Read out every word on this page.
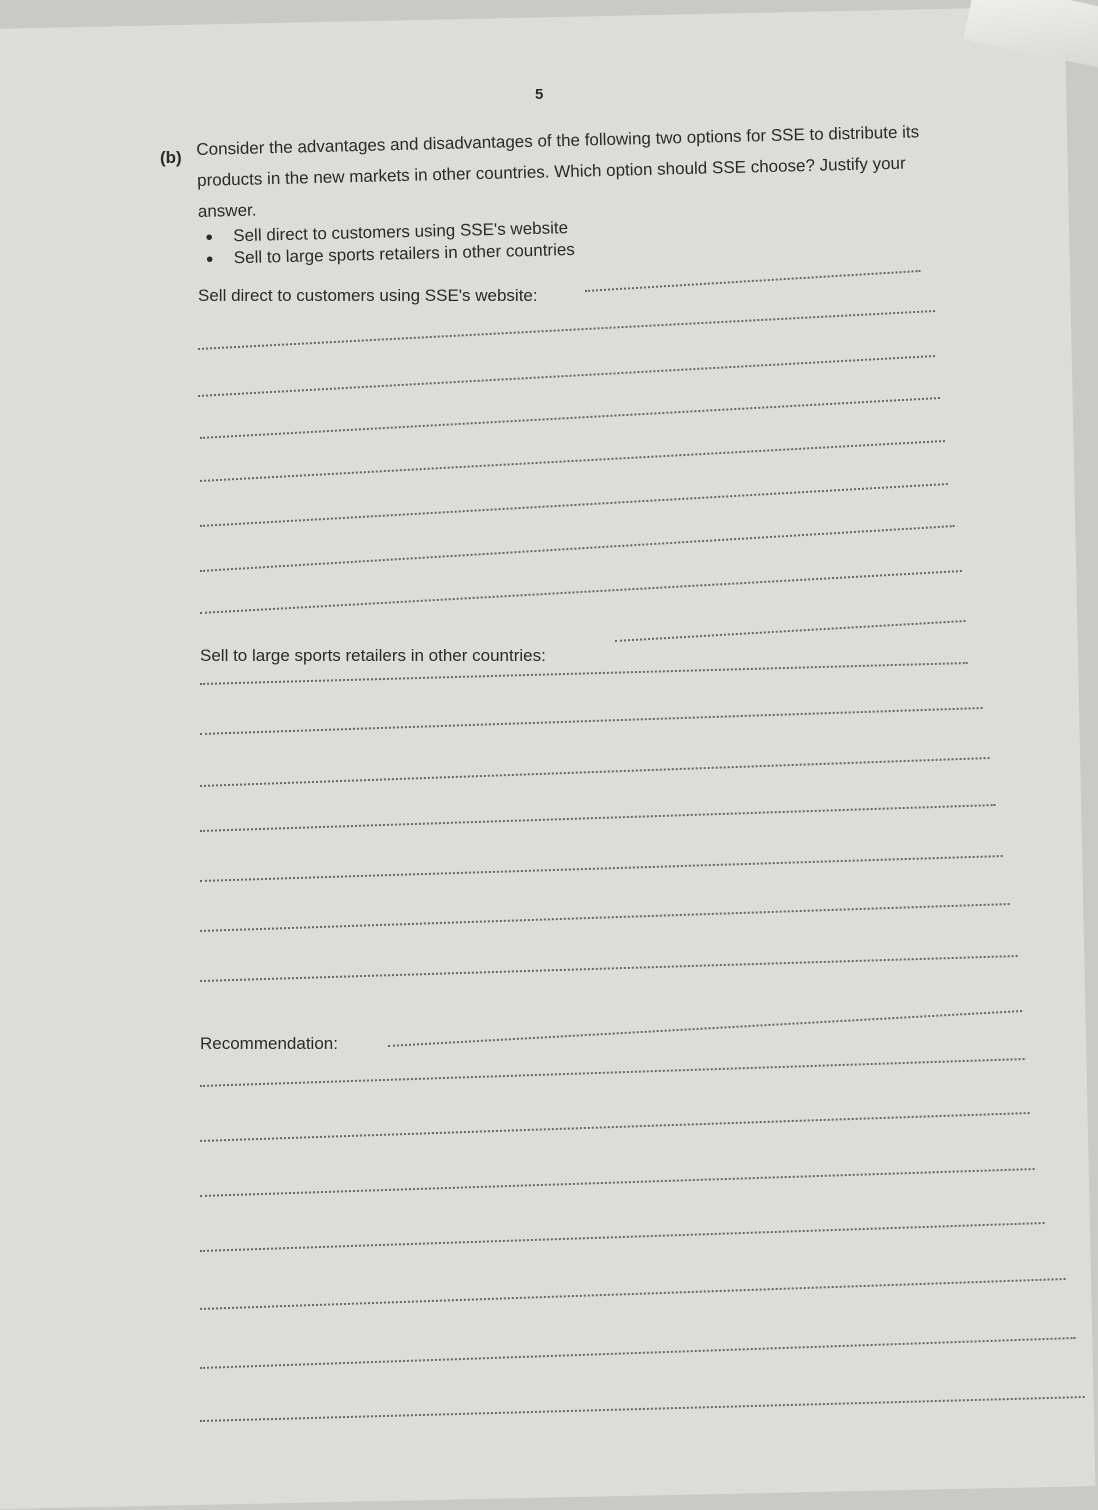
5
(b) Consider the advantages and disadvantages of the following two options for SSE to distribute its products in the new markets in other countries. Which option should SSE choose? Justify your answer.
●	Sell direct to customers using SSE's website
●	Sell to large sports retailers in other countries
Sell direct to customers using SSE's website:
Sell to large sports retailers in other countries:
Recommendation:
